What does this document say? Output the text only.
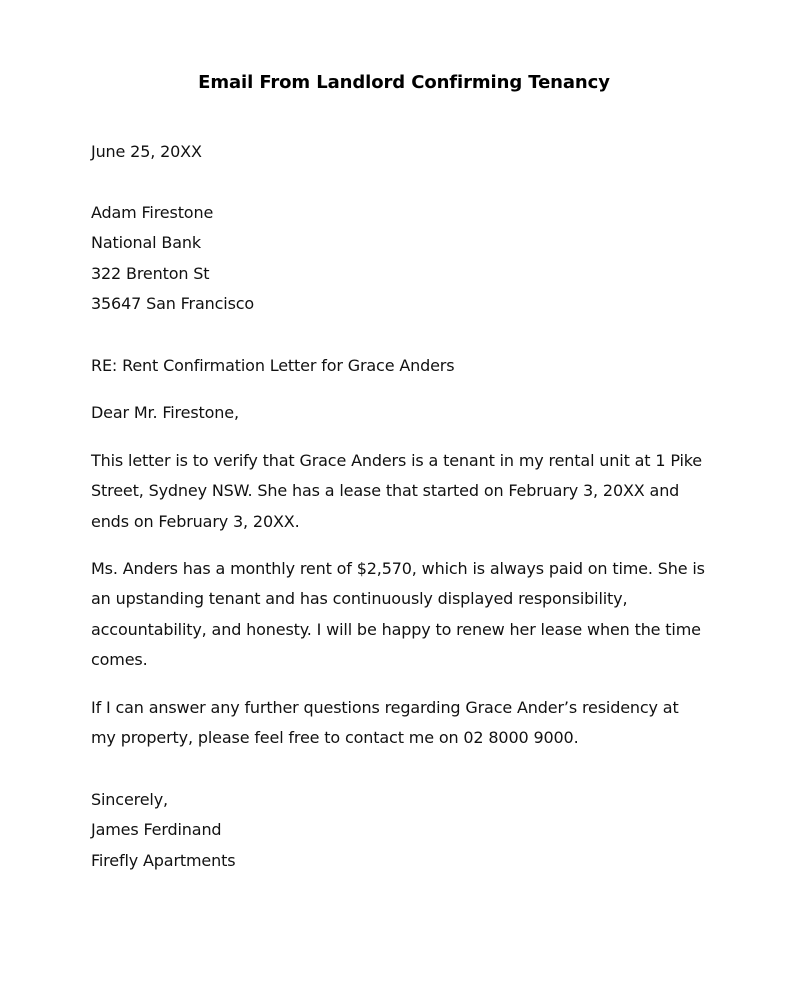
Email From Landlord Confirming Tenancy
June 25, 20XX
Adam Firestone
National Bank
322 Brenton St
35647 San Francisco
RE: Rent Confirmation Letter for Grace Anders
Dear Mr. Firestone,
This letter is to verify that Grace Anders is a tenant in my rental unit at 1 Pike Street, Sydney NSW. She has a lease that started on February 3, 20XX and ends on February 3, 20XX.
Ms. Anders has a monthly rent of $2,570, which is always paid on time. She is an upstanding tenant and has continuously displayed responsibility, accountability, and honesty. I will be happy to renew her lease when the time comes.
If I can answer any further questions regarding Grace Ander’s residency at my property, please feel free to contact me on 02 8000 9000.
Sincerely,
James Ferdinand
Firefly Apartments
